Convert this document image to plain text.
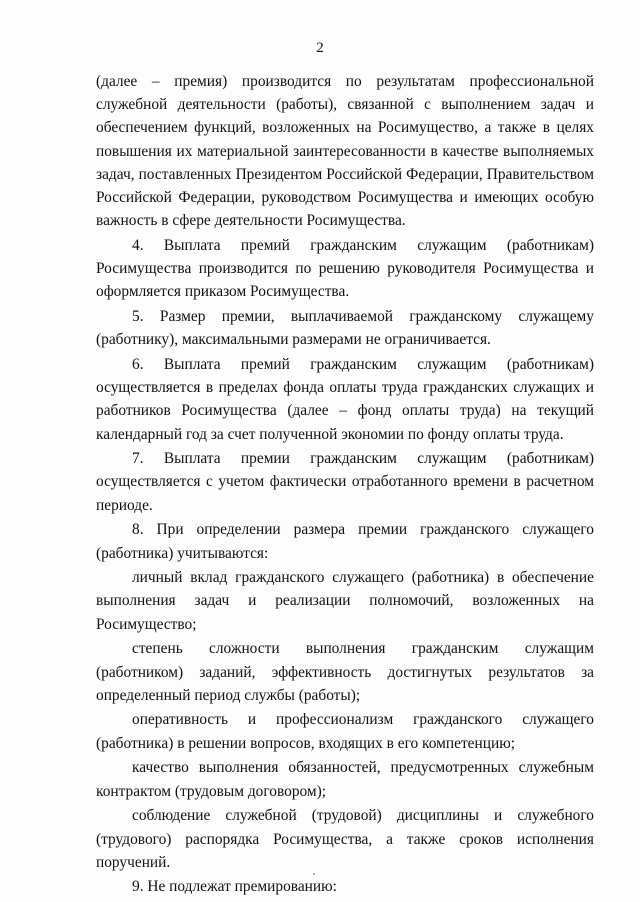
2

(далее – премия) производится по результатам профессиональной служебной деятельности (работы), связанной с выполнением задач и обеспечением функций, возложенных на Росимущество, а также в целях повышения их материальной заинтересованности в качестве выполняемых задач, поставленных Президентом Российской Федерации, Правительством Российской Федерации, руководством Росимущества и имеющих особую важность в сфере деятельности Росимущества.

4. Выплата премий гражданским служащим (работникам) Росимущества производится по решению руководителя Росимущества и оформляется приказом Росимущества.

5. Размер премии, выплачиваемой гражданскому служащему (работнику), максимальными размерами не ограничивается.

6. Выплата премий гражданским служащим (работникам) осуществляется в пределах фонда оплаты труда гражданских служащих и работников Росимущества (далее – фонд оплаты труда) на текущий календарный год за счет полученной экономии по фонду оплаты труда.

7. Выплата премии гражданским служащим (работникам) осуществляется с учетом фактически отработанного времени в расчетном периоде.

8. При определении размера премии гражданского служащего (работника) учитываются:

личный вклад гражданского служащего (работника) в обеспечение выполнения задач и реализации полномочий, возложенных на Росимущество;

степень сложности выполнения гражданским служащим (работником) заданий, эффективность достигнутых результатов за определенный период службы (работы);

оперативность и профессионализм гражданского служащего (работника) в решении вопросов, входящих в его компетенцию;

качество выполнения обязанностей, предусмотренных служебным контрактом (трудовым договором);

соблюдение служебной (трудовой) дисциплины и служебного (трудового) распорядка Росимущества, а также сроков исполнения поручений.

9. Не подлежат премированию:
